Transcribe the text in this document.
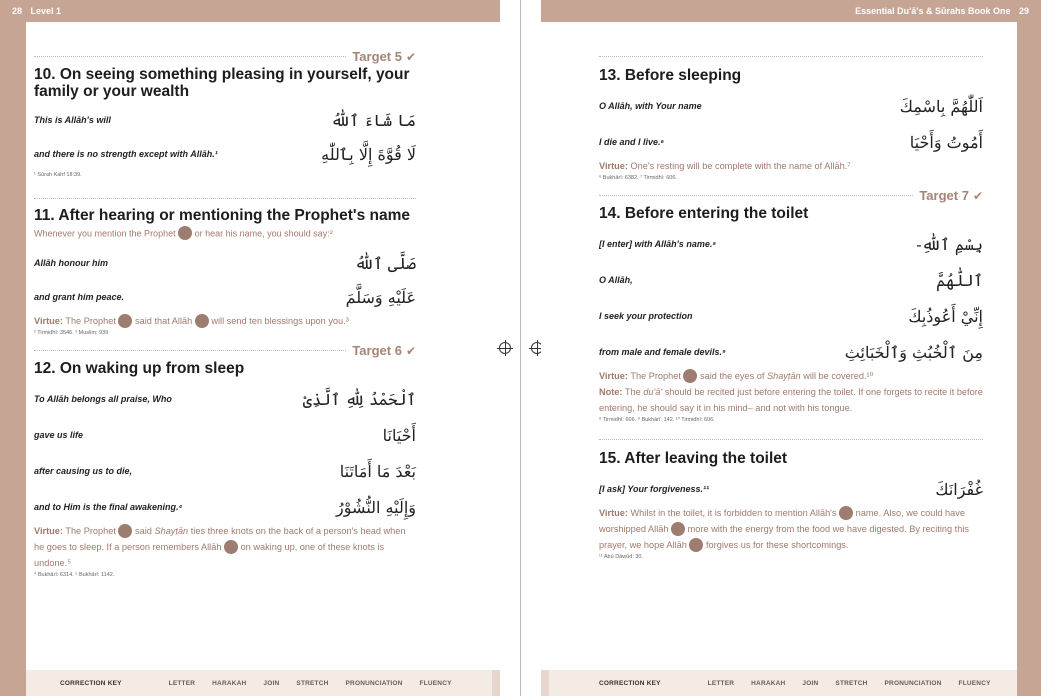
28 Level 1
CORRECTION KEY	LETTER	HARAKAH	JOIN	STRETCH	PRONUNCIATION	FLUENCY
Target 5 ✔
10. On seeing something pleasing in yourself, your family or your wealth
This is Allāh's will	مَا شَاءَ ٱللّٰهُ
and there is no strength except with Allāh.¹	لَا قُوَّةَ إِلَّا بِٱللّٰهِ
¹ Sūrah Kahf 18:39.
11. After hearing or mentioning the Prophet's name
Whenever you mention the Prophet or hear his name, you should say:²
Allāh honour him	صَلَّى ٱللّٰهُ
and grant him peace.	عَلَيْهِ وَسَلَّمَ
Virtue: The Prophet said that Allāh will send ten blessings upon you.³
² Tirmidhī: 3546. ³ Muslim: 939
Target 6 ✔
12. On waking up from sleep
To Allāh belongs all praise, Who	ٱلْحَمْدُ لِلّٰهِ ٱلَّذِىْ
gave us life	أَحْيَانَا
after causing us to die,	بَعْدَ مَا أَمَاتَنَا
and to Him is the final awakening.⁴	وَإِلَيْهِ النُّشُوْرُ
Virtue: The Prophet said Shayṭān ties three knots on the back of a person's head when he goes to sleep. If a person remembers Allāh on waking up, one of these knots is undone.⁵
⁴ Bukhārī: 6314. ⁵ Bukhārī: 1142.
Essential Du'ā's & Sūrahs Book One 29
CORRECTION KEY	LETTER	HARAKAH	JOIN	STRETCH	PRONUNCIATION	FLUENCY
13. Before sleeping
O Allāh, with Your name	اَللّٰهُمَّ بِاسْمِكَ
I die and I live.⁶	أَمُوتُ وَأَحْيَا
Virtue: One's resting will be complete with the name of Allāh.⁷
⁶ Bukhārī: 6382. ⁷ Tirmidhī: 606.
Target 7 ✔
14. Before entering the toilet
[I enter] with Allāh's name.⁸	بِسْمِ ٱللّٰهِ-
O Allāh,	ٱللّٰهُمَّ
I seek your protection	إِنِّيْ أَعُوذُبِكَ
from male and female devils.⁹	مِنَ ٱلْخُبُثِ وَٱلْخَبَائِثِ
Virtue: The Prophet said the eyes of Shayṭān will be covered.¹⁰
Note: The du'ā' should be recited just before entering the toilet. If one forgets to recite it before entering, he should say it in his mind– and not with his tongue.
⁸ Tirmidhī: 606. ⁹ Bukhārī: 142. ¹⁰ Tirmidhī: 606.
15. After leaving the toilet
[I ask] Your forgiveness.¹¹	غُفْرَانَكَ
Virtue: Whilst in the toilet, it is forbidden to mention Allāh's name. Also, we could have worshipped Allāh more with the energy from the food we have digested. By reciting this prayer, we hope Allāh forgives us for these shortcomings.
¹¹ Abū Dāwūd: 30.
